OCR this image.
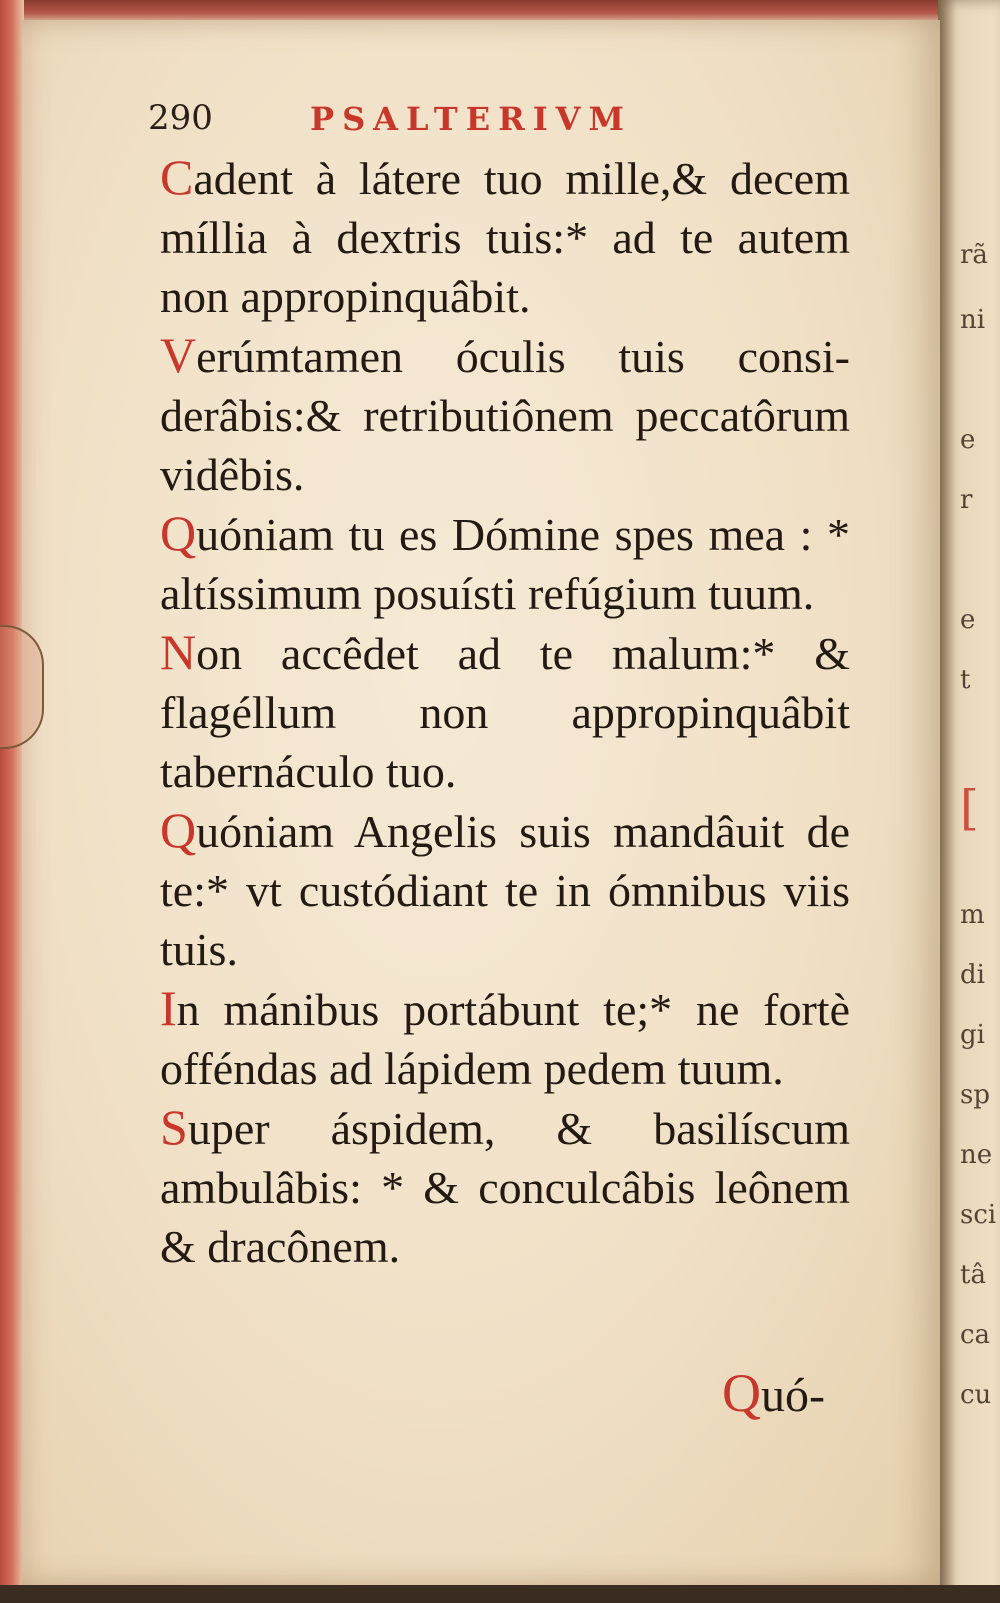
rã
ni
e
r
e
t
[
m
di
gi
sp
ne
sci
tâ
ca
cu
290	PSALTERIVM

Cadent à látere tuo mille,& decem míllia à dextris tuis:* ad te autem non appropinquâbit.

Verúmtamen óculis tuis considerâbis:& retributiônem peccatôrum vidêbis.

Quóniam tu es Dómine spes mea : * altíssimum posuísti refúgium tuum.

Non accêdet ad te malum:* & flagéllum non appropinquâbit tabernáculo tuo.

Quóniam Angelis suis mandâuit de te:* vt custódiant te in ómnibus viis tuis.

In mánibus portábunt te;* ne fortè offéndas ad lápidem pedem tuum.

Super áspidem, & basilíscum ambulâbis: * & conculcâbis leônem & dracônem.

Quó-
